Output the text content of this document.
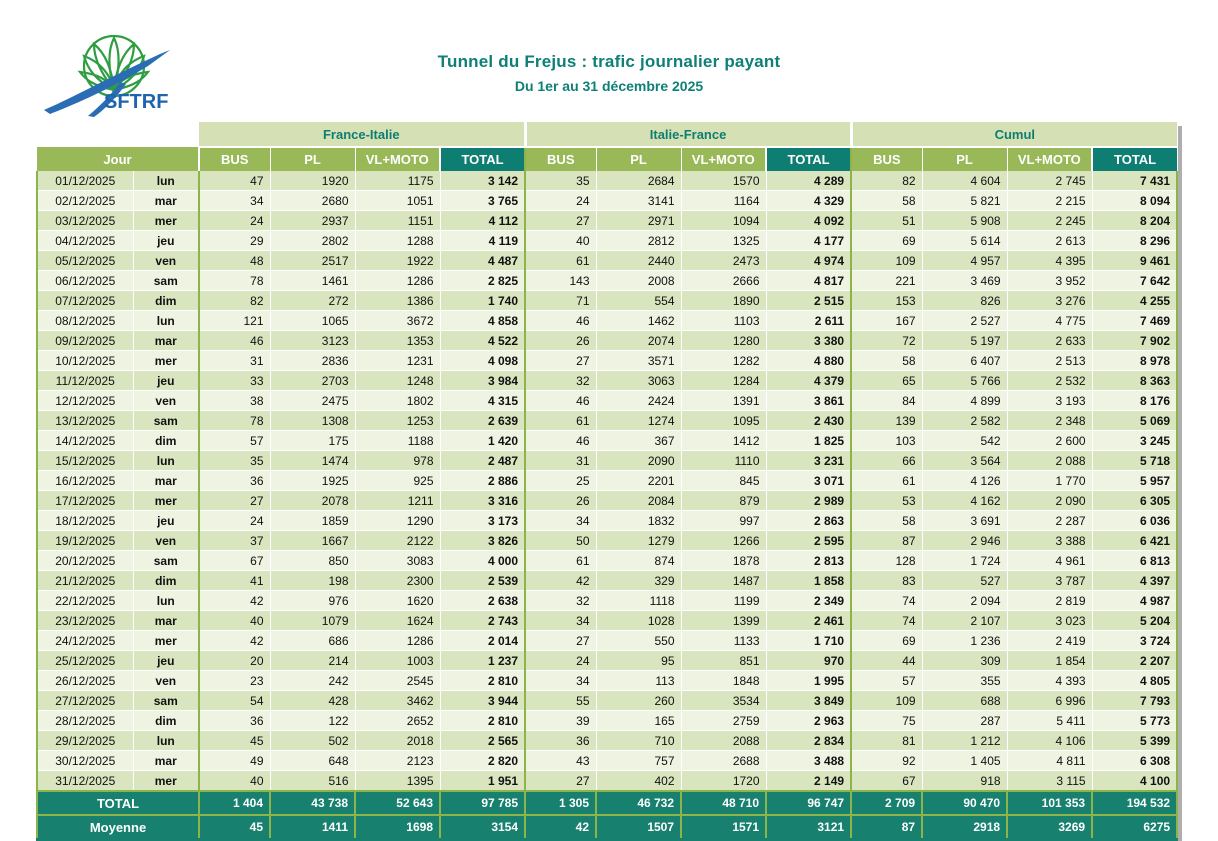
SFTRF
Tunnel du Frejus : trafic journalier payant
Du 1er au 31 décembre 2025
		France-Italie				Italie-France				Cumul			
Jour		BUS	PL	VL+MOTO	TOTAL	BUS	PL	VL+MOTO	TOTAL	BUS	PL	VL+MOTO	TOTAL
01/12/2025	lun	47	1920	1175	3 142	35	2684	1570	4 289	82	4 604	2 745	7 431
02/12/2025	mar	34	2680	1051	3 765	24	3141	1164	4 329	58	5 821	2 215	8 094
03/12/2025	mer	24	2937	1151	4 112	27	2971	1094	4 092	51	5 908	2 245	8 204
04/12/2025	jeu	29	2802	1288	4 119	40	2812	1325	4 177	69	5 614	2 613	8 296
05/12/2025	ven	48	2517	1922	4 487	61	2440	2473	4 974	109	4 957	4 395	9 461
06/12/2025	sam	78	1461	1286	2 825	143	2008	2666	4 817	221	3 469	3 952	7 642
07/12/2025	dim	82	272	1386	1 740	71	554	1890	2 515	153	826	3 276	4 255
08/12/2025	lun	121	1065	3672	4 858	46	1462	1103	2 611	167	2 527	4 775	7 469
09/12/2025	mar	46	3123	1353	4 522	26	2074	1280	3 380	72	5 197	2 633	7 902
10/12/2025	mer	31	2836	1231	4 098	27	3571	1282	4 880	58	6 407	2 513	8 978
11/12/2025	jeu	33	2703	1248	3 984	32	3063	1284	4 379	65	5 766	2 532	8 363
12/12/2025	ven	38	2475	1802	4 315	46	2424	1391	3 861	84	4 899	3 193	8 176
13/12/2025	sam	78	1308	1253	2 639	61	1274	1095	2 430	139	2 582	2 348	5 069
14/12/2025	dim	57	175	1188	1 420	46	367	1412	1 825	103	542	2 600	3 245
15/12/2025	lun	35	1474	978	2 487	31	2090	1110	3 231	66	3 564	2 088	5 718
16/12/2025	mar	36	1925	925	2 886	25	2201	845	3 071	61	4 126	1 770	5 957
17/12/2025	mer	27	2078	1211	3 316	26	2084	879	2 989	53	4 162	2 090	6 305
18/12/2025	jeu	24	1859	1290	3 173	34	1832	997	2 863	58	3 691	2 287	6 036
19/12/2025	ven	37	1667	2122	3 826	50	1279	1266	2 595	87	2 946	3 388	6 421
20/12/2025	sam	67	850	3083	4 000	61	874	1878	2 813	128	1 724	4 961	6 813
21/12/2025	dim	41	198	2300	2 539	42	329	1487	1 858	83	527	3 787	4 397
22/12/2025	lun	42	976	1620	2 638	32	1118	1199	2 349	74	2 094	2 819	4 987
23/12/2025	mar	40	1079	1624	2 743	34	1028	1399	2 461	74	2 107	3 023	5 204
24/12/2025	mer	42	686	1286	2 014	27	550	1133	1 710	69	1 236	2 419	3 724
25/12/2025	jeu	20	214	1003	1 237	24	95	851	970	44	309	1 854	2 207
26/12/2025	ven	23	242	2545	2 810	34	113	1848	1 995	57	355	4 393	4 805
27/12/2025	sam	54	428	3462	3 944	55	260	3534	3 849	109	688	6 996	7 793
28/12/2025	dim	36	122	2652	2 810	39	165	2759	2 963	75	287	5 411	5 773
29/12/2025	lun	45	502	2018	2 565	36	710	2088	2 834	81	1 212	4 106	5 399
30/12/2025	mar	49	648	2123	2 820	43	757	2688	3 488	92	1 405	4 811	6 308
31/12/2025	mer	40	516	1395	1 951	27	402	1720	2 149	67	918	3 115	4 100
TOTAL		1 404	43 738	52 643	97 785	1 305	46 732	48 710	96 747	2 709	90 470	101 353	194 532
Moyenne		45	1411	1698	3154	42	1507	1571	3121	87	2918	3269	6275
